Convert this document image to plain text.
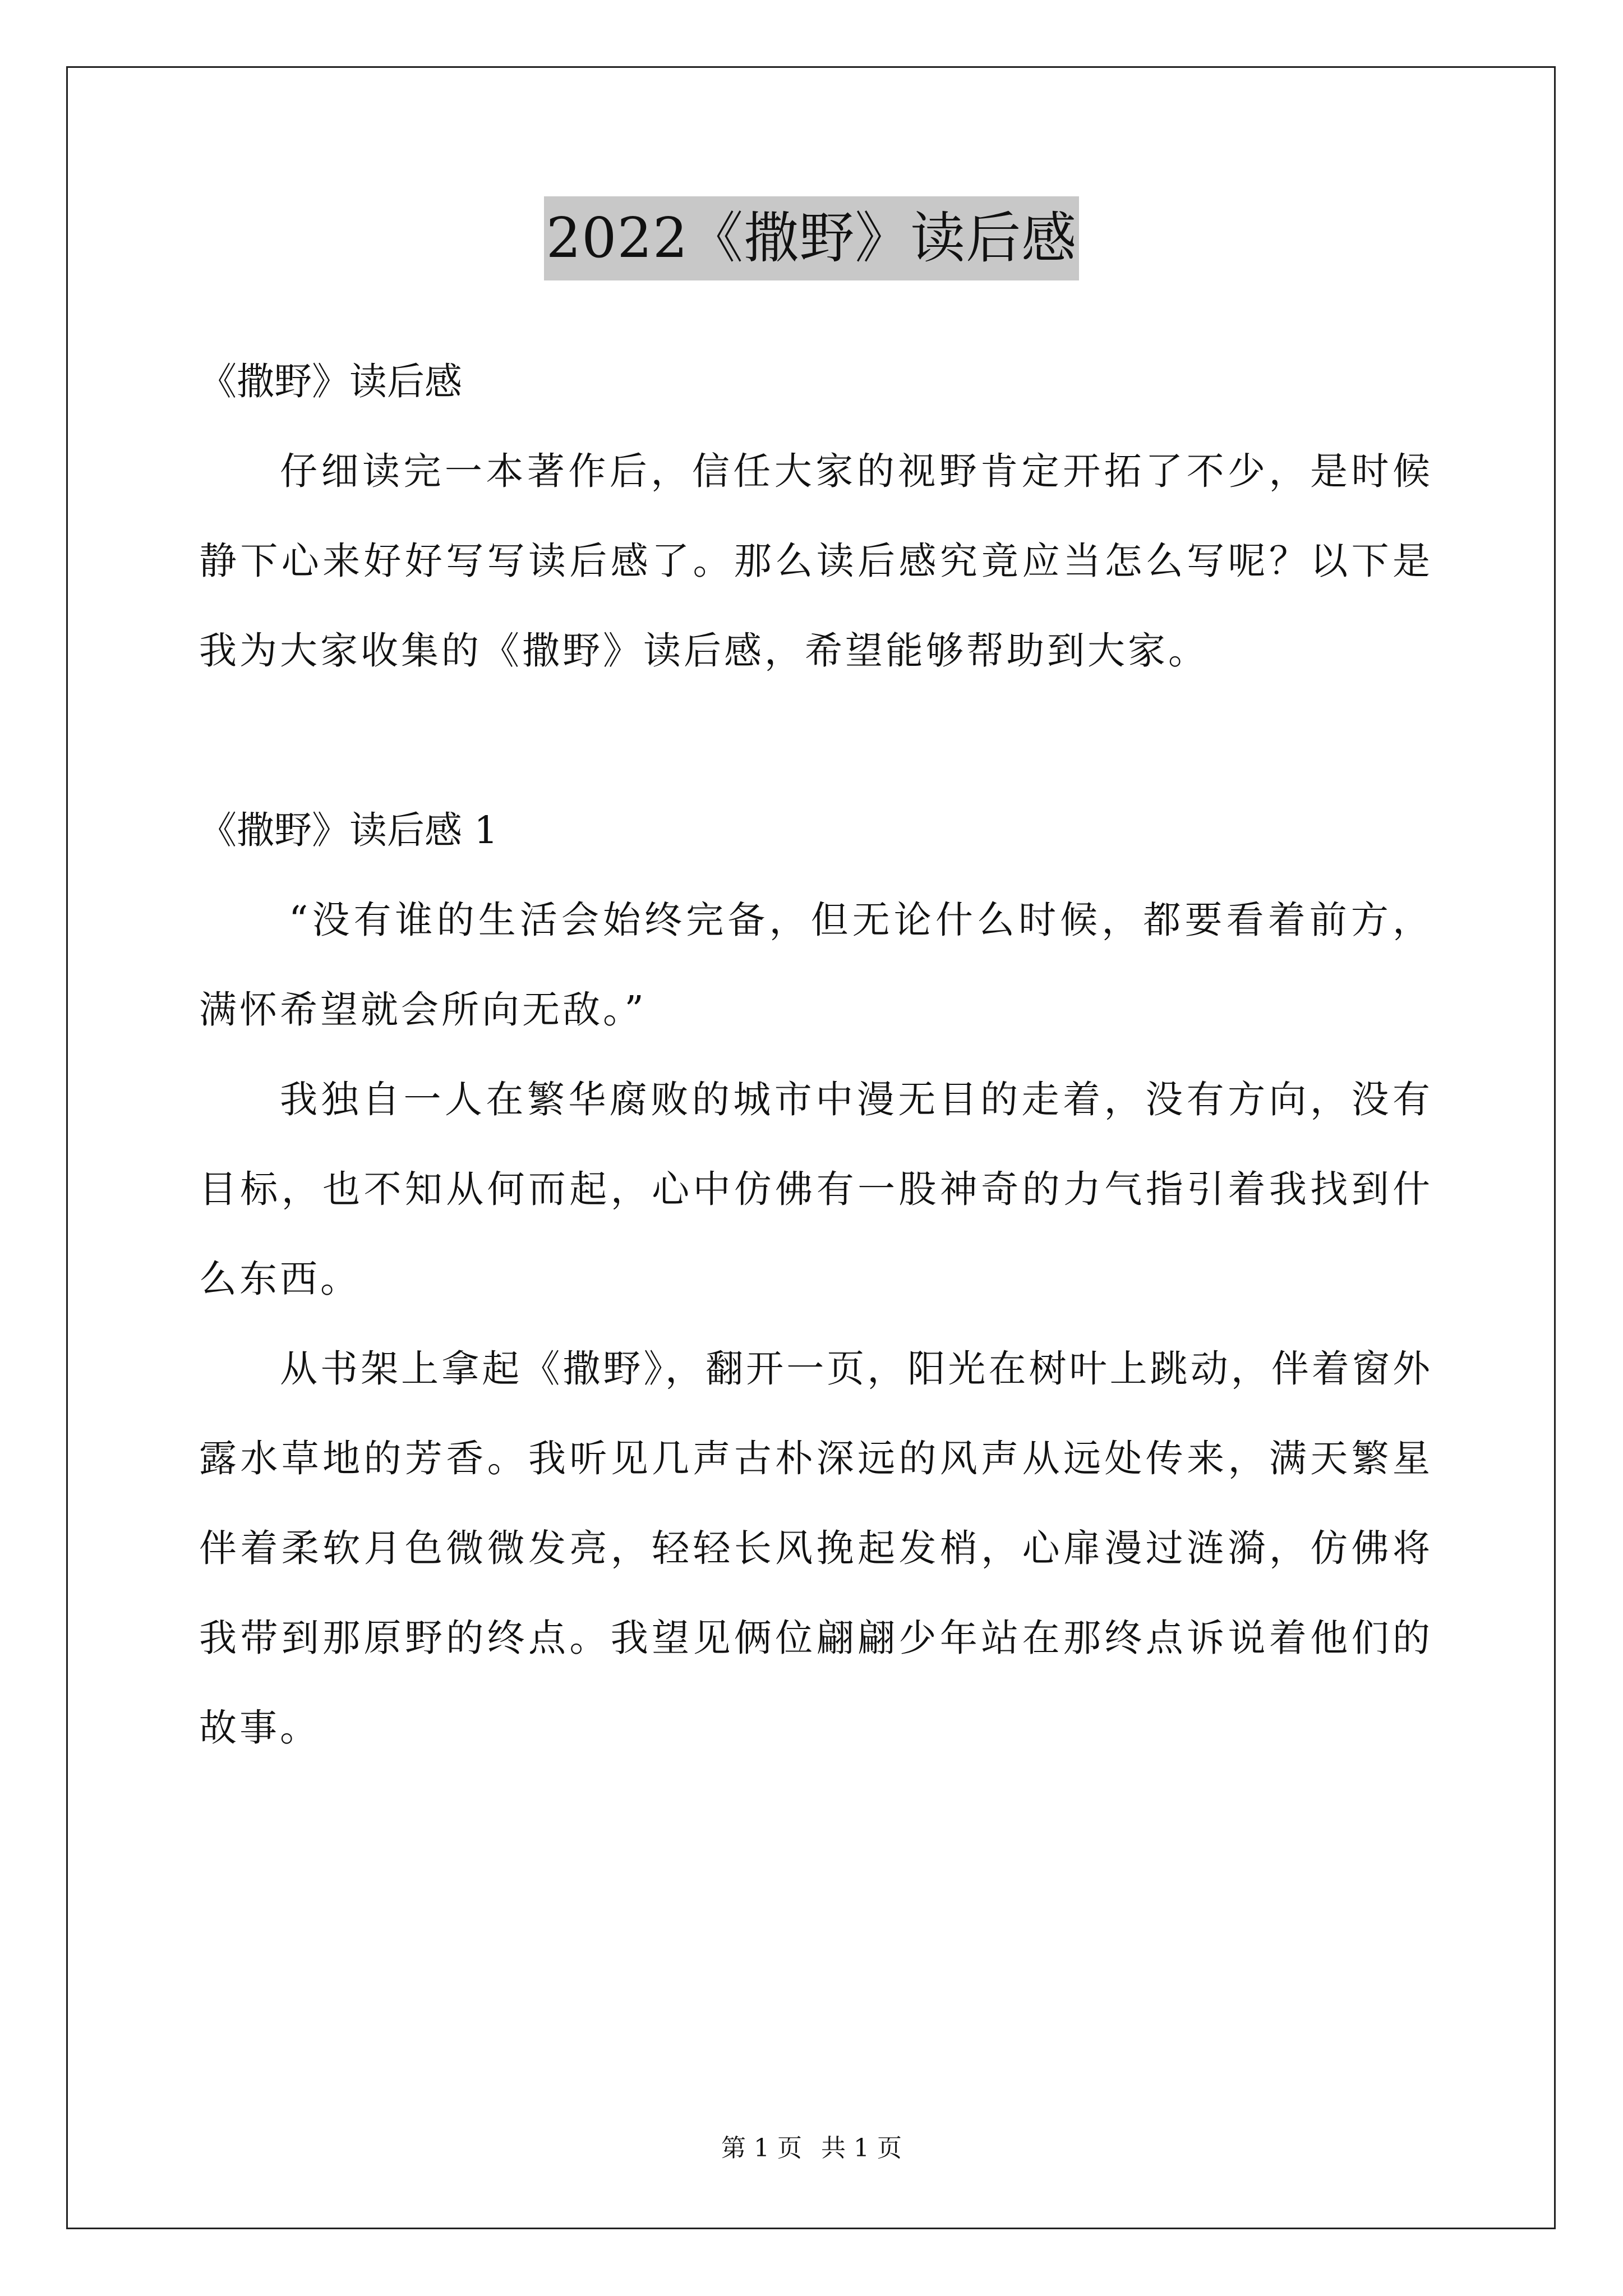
2022《撒野》读后感
《撒野》读后感
仔细读完一本著作后，信任大家的视野肯定开拓了不少，是时候静下心来好好写写读后感了。那么读后感究竟应当怎么写呢？以下是我为大家收集的《撒野》读后感，希望能够帮助到大家。
《撒野》读后感 1
“没有谁的生活会始终完备，但无论什么时候，都要看着前方，满怀希望就会所向无敌。”
我独自一人在繁华腐败的城市中漫无目的走着，没有方向，没有目标，也不知从何而起，心中仿佛有一股神奇的力气指引着我找到什么东西。
从书架上拿起《撒野》，翻开一页，阳光在树叶上跳动，伴着窗外露水草地的芳香。我听见几声古朴深远的风声从远处传来，满天繁星伴着柔软月色微微发亮，轻轻长风挽起发梢，心扉漫过涟漪，仿佛将我带到那原野的终点。我望见俩位翩翩少年站在那终点诉说着他们的故事。
第 1 页 共 1 页
